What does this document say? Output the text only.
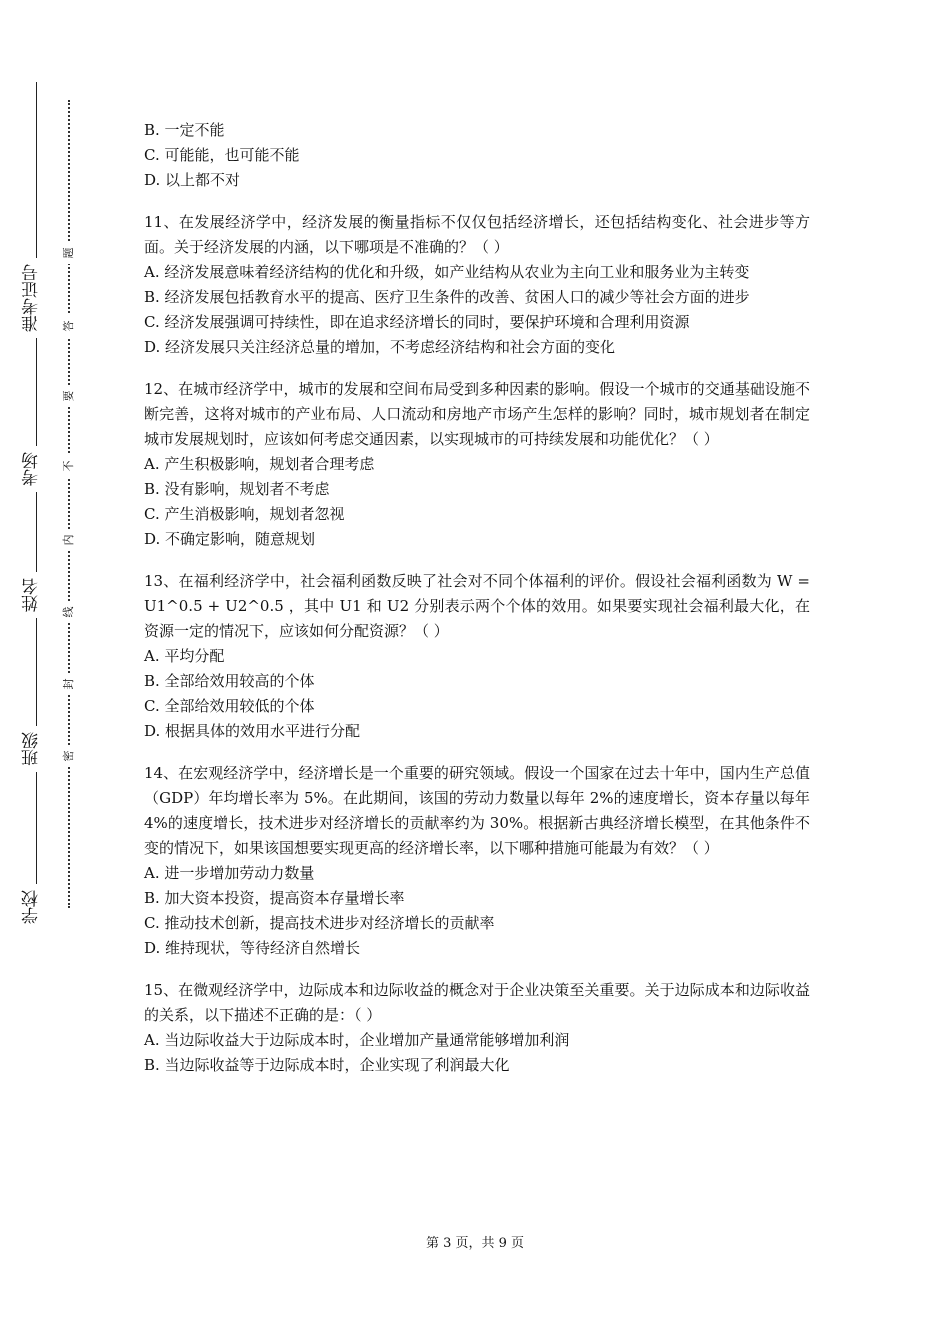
准考证号
考场
姓名
班级
学校
题
答
要
不
内
线
封
密

B. 一定不能

C. 可能能，也可能不能

D. 以上都不对

11、在发展经济学中，经济发展的衡量指标不仅仅包括经济增长，还包括结构变化、社会进步等方面。关于经济发展的内涵，以下哪项是不准确的？（ ）

A. 经济发展意味着经济结构的优化和升级，如产业结构从农业为主向工业和服务业为主转变

B. 经济发展包括教育水平的提高、医疗卫生条件的改善、贫困人口的减少等社会方面的进步

C. 经济发展强调可持续性，即在追求经济增长的同时，要保护环境和合理利用资源

D. 经济发展只关注经济总量的增加，不考虑经济结构和社会方面的变化

12、在城市经济学中，城市的发展和空间布局受到多种因素的影响。假设一个城市的交通基础设施不断完善，这将对城市的产业布局、人口流动和房地产市场产生怎样的影响？同时，城市规划者在制定城市发展规划时，应该如何考虑交通因素，以实现城市的可持续发展和功能优化？（ ）

A. 产生积极影响，规划者合理考虑

B. 没有影响，规划者不考虑

C. 产生消极影响，规划者忽视

D. 不确定影响，随意规划

13、在福利经济学中，社会福利函数反映了社会对不同个体福利的评价。假设社会福利函数为 W = U1^0.5 + U2^0.5 ，其中 U1 和 U2 分别表示两个个体的效用。如果要实现社会福利最大化，在资源一定的情况下，应该如何分配资源？（ ）

A. 平均分配

B. 全部给效用较高的个体

C. 全部给效用较低的个体

D. 根据具体的效用水平进行分配

14、在宏观经济学中，经济增长是一个重要的研究领域。假设一个国家在过去十年中，国内生产总值（GDP）年均增长率为 5%。在此期间，该国的劳动力数量以每年 2%的速度增长，资本存量以每年 4%的速度增长，技术进步对经济增长的贡献率约为 30%。根据新古典经济增长模型，在其他条件不变的情况下，如果该国想要实现更高的经济增长率，以下哪种措施可能最为有效？（ ）

A. 进一步增加劳动力数量

B. 加大资本投资，提高资本存量增长率

C. 推动技术创新，提高技术进步对经济增长的贡献率

D. 维持现状，等待经济自然增长

15、在微观经济学中，边际成本和边际收益的概念对于企业决策至关重要。关于边际成本和边际收益的关系，以下描述不正确的是：（ ）

A. 当边际收益大于边际成本时，企业增加产量通常能够增加利润

B. 当边际收益等于边际成本时，企业实现了利润最大化

第 3 页，共 9 页
